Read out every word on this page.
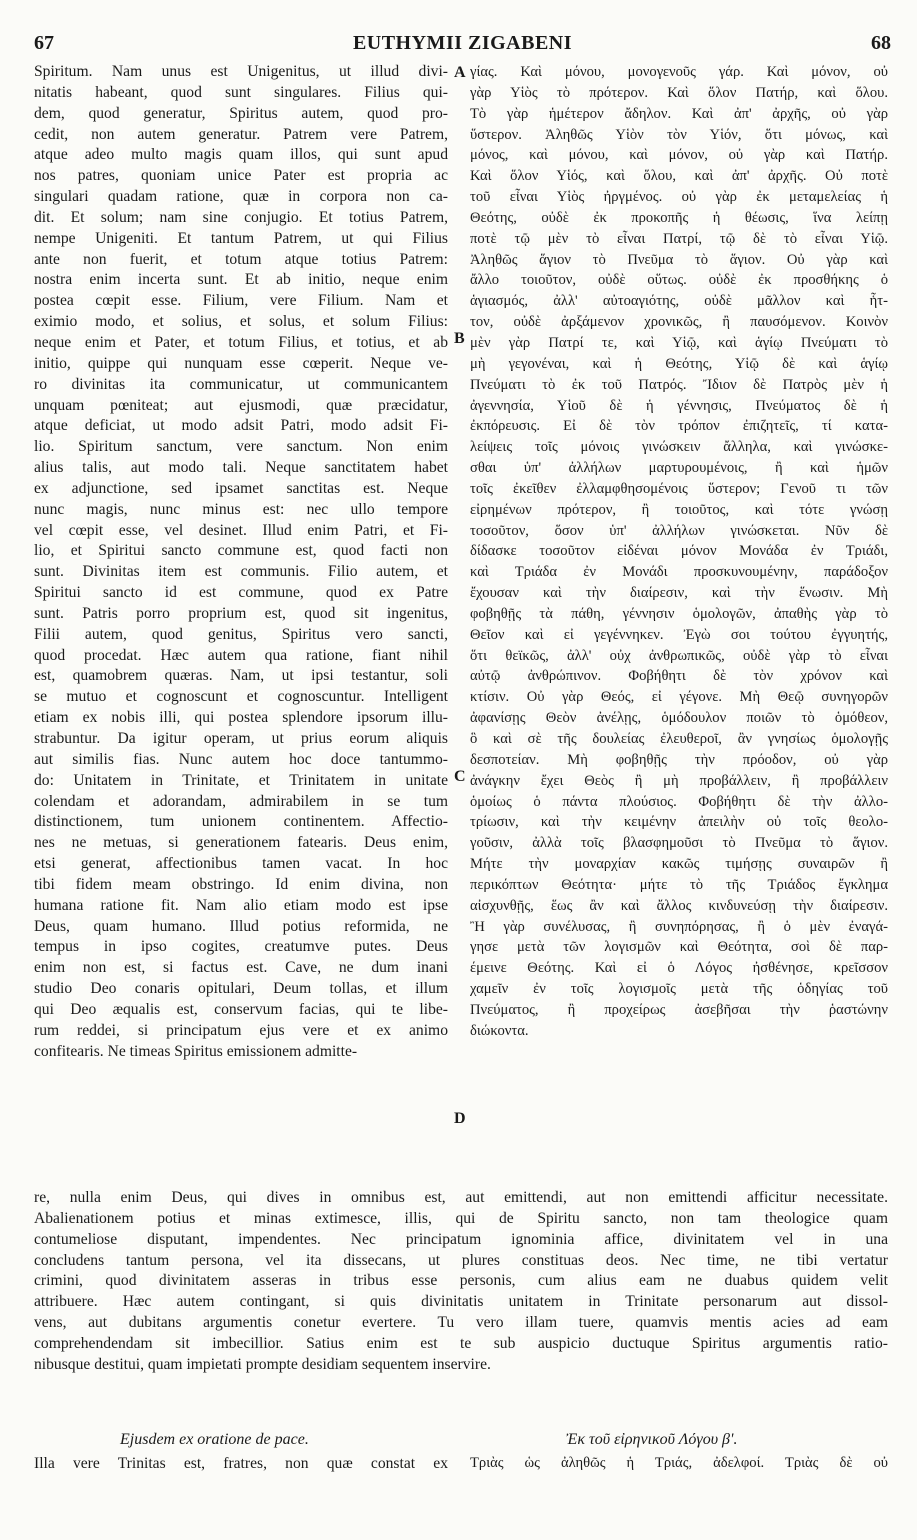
67	EUTHYMII ZIGABENI	68
Spiritum. Nam unus est Unigenitus, ut illud divi-
nitatis habeant, quod sunt singulares. Filius qui-
dem, quod generatur, Spiritus autem, quod pro-
cedit, non autem generatur. Patrem vere Patrem,
atque adeo multo magis quam illos, qui sunt apud
nos patres, quoniam unice Pater est propria ac
singulari quadam ratione, quæ in corpora non ca-
dit. Et solum; nam sine conjugio. Et totius Patrem,
nempe Unigeniti. Et tantum Patrem, ut qui Filius
ante non fuerit, et totum atque totius Patrem:
nostra enim incerta sunt. Et ab initio, neque enim
postea cœpit esse. Filium, vere Filium. Nam et
eximio modo, et solius, et solus, et solum Filius:
neque enim et Pater, et totum Filius, et totius, et ab
initio, quippe qui nunquam esse cœperit. Neque ve-
ro divinitas ita communicatur, ut communicantem
unquam pœniteat; aut ejusmodi, quæ præcidatur,
atque deficiat, ut modo adsit Patri, modo adsit Fi-
lio. Spiritum sanctum, vere sanctum. Non enim
alius talis, aut modo tali. Neque sanctitatem habet
ex adjunctione, sed ipsamet sanctitas est. Neque
nunc magis, nunc minus est: nec ullo tempore
vel cœpit esse, vel desinet. Illud enim Patri, et Fi-
lio, et Spiritui sancto commune est, quod facti non
sunt. Divinitas item est communis. Filio autem, et
Spiritui sancto id est commune, quod ex Patre
sunt. Patris porro proprium est, quod sit ingenitus,
Filii autem, quod genitus, Spiritus vero sancti,
quod procedat. Hæc autem qua ratione, fiant nihil
est, quamobrem quæras. Nam, ut ipsi testantur, soli
se mutuo et cognoscunt et cognoscuntur. Intelligent
etiam ex nobis illi, qui postea splendore ipsorum illu-
strabuntur. Da igitur operam, ut prius eorum aliquis
aut similis fias. Nunc autem hoc doce tantummo-
do: Unitatem in Trinitate, et Trinitatem in unitate
colendam et adorandam, admirabilem in se tum
distinctionem, tum unionem continentem. Affectio-
nes ne metuas, si generationem fatearis. Deus enim,
etsi generat, affectionibus tamen vacat. In hoc
tibi fidem meam obstringo. Id enim divina, non
humana ratione fit. Nam alio etiam modo est ipse
Deus, quam humano. Illud potius reformida, ne
tempus in ipso cogites, creatumve putes. Deus
enim non est, si factus est. Cave, ne dum inani
studio Deo conaris opitulari, Deum tollas, et illum
qui Deo æqualis est, conservum facias, qui te libe-
rum reddei, si principatum ejus vere et ex animo
confitearis. Ne timeas Spiritus emissionem admitte-
γίας. Καὶ μόνου, μονογενοῦς γάρ. Καὶ μόνον, οὐ
γὰρ Υἱὸς τὸ πρότερον. Καὶ ὅλον Πατήρ, καὶ ὅλου.
Τὸ γὰρ ἡμέτερον ἄδηλον. Καὶ ἀπ' ἀρχῆς, οὐ γὰρ
ὕστερον. Ἀληθῶς Υἱὸν τὸν Υἱόν, ὅτι μόνως, καὶ
μόνος, καὶ μόνου, καὶ μόνον, οὐ γὰρ καὶ Πατήρ.
Καὶ ὅλον Υἱός, καὶ ὅλου, καὶ ἀπ' ἀρχῆς. Οὐ ποτὲ
τοῦ εἶναι Υἱὸς ἠργμένος. οὐ γὰρ ἐκ μεταμελείας ἡ
Θεότης, οὐδὲ ἐκ προκοπῆς ἡ θέωσις, ἵνα λείπῃ
ποτὲ τῷ μὲν τὸ εἶναι Πατρί, τῷ δὲ τὸ εἶναι Υἱῷ.
Ἀληθῶς ἅγιον τὸ Πνεῦμα τὸ ἅγιον. Οὐ γὰρ καὶ
ἄλλο τοιοῦτον, οὐδὲ οὕτως. οὐδὲ ἐκ προσθήκης ὁ
ἁγιασμός, ἀλλ' αὐτοαγιότης, οὐδὲ μᾶλλον καὶ ἧτ-
τον, οὐδὲ ἀρξάμενον χρονικῶς, ἢ παυσόμενον. Κοινὸν
μὲν γὰρ Πατρί τε, καὶ Υἱῷ, καὶ ἁγίῳ Πνεύματι τὸ
μὴ γεγονέναι, καὶ ἡ Θεότης, Υἱῷ δὲ καὶ ἁγίῳ
Πνεύματι τὸ ἐκ τοῦ Πατρός. Ἴδιον δὲ Πατρὸς μὲν ἡ
ἀγεννησία, Υἱοῦ δὲ ἡ γέννησις, Πνεύματος δὲ ἡ
ἐκπόρευσις. Εἰ δὲ τὸν τρόπον ἐπιζητεῖς, τί κατα-
λείψεις τοῖς μόνοις γινώσκειν ἄλληλα, καὶ γινώσκε-
σθαι ὑπ' ἀλλήλων μαρτυρουμένοις, ἢ καὶ ἡμῶν
τοῖς ἐκεῖθεν ἐλλαμφθησομένοις ὕστερον; Γενοῦ τι τῶν
εἰρημένων πρότερον, ἢ τοιοῦτος, καὶ τότε γνώσῃ
τοσοῦτον, ὅσον ὑπ' ἀλλήλων γινώσκεται. Νῦν δὲ
δίδασκε τοσοῦτον εἰδέναι μόνον Μονάδα ἐν Τριάδι,
καὶ Τριάδα ἐν Μονάδι προσκυνουμένην, παράδοξον
ἔχουσαν καὶ τὴν διαίρεσιν, καὶ τὴν ἕνωσιν. Μὴ
φοβηθῇς τὰ πάθη, γέννησιν ὁμολογῶν, ἀπαθὴς γὰρ τὸ
Θεῖον καὶ εἰ γεγέννηκεν. Ἐγὼ σοι τούτου ἐγγυητής,
ὅτι θεϊκῶς, ἀλλ' οὐχ ἀνθρωπικῶς, οὐδὲ γὰρ τὸ εἶναι
αὐτῷ ἀνθρώπινον. Φοβήθητι δὲ τὸν χρόνον καὶ
κτίσιν. Οὐ γὰρ Θεός, εἰ γέγονε. Μὴ Θεῷ συνηγορῶν
ἀφανίσῃς Θεὸν ἀνέλῃς, ὁμόδουλον ποιῶν τὸ ὁμόθεον,
ὃ καὶ σὲ τῆς δουλείας ἐλευθεροῖ, ἂν γνησίως ὁμολογῇς
δεσποτείαν. Μὴ φοβηθῇς τὴν πρόοδον, οὐ γὰρ
ἀνάγκην ἔχει Θεὸς ἢ μὴ προβάλλειν, ἢ προβάλλειν
ὁμοίως ὁ πάντα πλούσιος. Φοβήθητι δὲ τὴν ἀλλο-
τρίωσιν, καὶ τὴν κειμένην ἀπειλὴν οὐ τοῖς θεολο-
γοῦσιν, ἀλλὰ τοῖς βλασφημοῦσι τὸ Πνεῦμα τὸ ἅγιον.
Μήτε τὴν μοναρχίαν κακῶς τιμήσῃς συναιρῶν ἢ
περικόπτων Θεότητα· μήτε τὸ τῆς Τριάδος ἔγκλημα
αἰσχυνθῇς, ἕως ἂν καὶ ἄλλος κινδυνεύσῃ τὴν διαίρεσιν.
Ἢ γὰρ συνέλυσας, ἢ συνηπόρησας, ἢ ὁ μὲν ἐναγά-
γησε μετὰ τῶν λογισμῶν καὶ Θεότητα, σοὶ δὲ παρ-
έμεινε Θεότης. Καὶ εἰ ὁ Λόγος ἠσθένησε, κρεῖσσον
χαμεῖν ἐν τοῖς λογισμοῖς μετὰ τῆς ὁδηγίας τοῦ
Πνεύματος, ἢ προχείρως ἀσεβῆσαι τὴν ῥαστώνην
διώκοντα.
A
B
C
D
re, nulla enim Deus, qui dives in omnibus est, aut emittendi, aut non emittendi afficitur necessitate.
Abalienationem potius et minas extimesce, illis, qui de Spiritu sancto, non tam theologice quam
contumeliose disputant, impendentes. Nec principatum ignominia affice, divinitatem vel in una
concludens tantum persona, vel ita dissecans, ut plures constituas deos. Nec time, ne tibi vertatur
crimini, quod divinitatem asseras in tribus esse personis, cum alius eam ne duabus quidem velit
attribuere. Hæc autem contingant, si quis divinitatis unitatem in Trinitate personarum aut dissol-
vens, aut dubitans argumentis conetur evertere. Tu vero illam tuere, quamvis mentis acies ad eam
comprehendendam sit imbecillior. Satius enim est te sub auspicio ductuque Spiritus argumentis ratio-
nibusque destitui, quam impietati prompte desidiam sequentem inservire.
Ejusdem ex oratione de pace.	Ἐκ τοῦ εἰρηνικοῦ Λόγου β'.
Illa vere Trinitas est, fratres, non quæ constat ex Τριὰς ὡς ἀληθῶς ἡ Τριάς, ἀδελφοί. Τριὰς δὲ οὐ
